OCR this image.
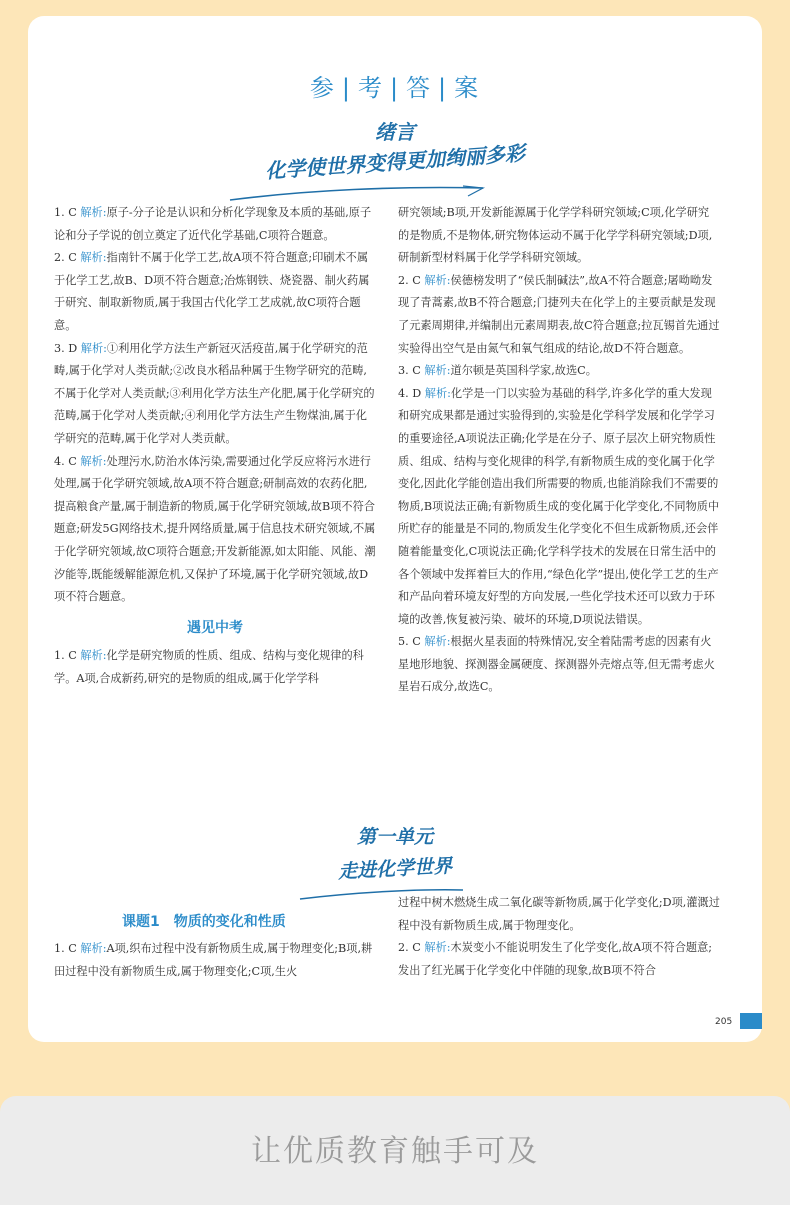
参 | 考 | 答 | 案
绪言
化学使世界变得更加绚丽多彩

1. C 解析:原子-分子论是认识和分析化学现象及本质的基础,原子论和分子学说的创立奠定了近代化学基础,C项符合题意。

2. C 解析:指南针不属于化学工艺,故A项不符合题意;印刷术不属于化学工艺,故B、D项不符合题意;冶炼钢铁、烧瓷器、制火药属于研究、制取新物质,属于我国古代化学工艺成就,故C项符合题意。

3. D 解析:①利用化学方法生产新冠灭活疫苗,属于化学研究的范畴,属于化学对人类贡献;②改良水稻品种属于生物学研究的范畴,不属于化学对人类贡献;③利用化学方法生产化肥,属于化学研究的范畴,属于化学对人类贡献;④利用化学方法生产生物煤油,属于化学研究的范畴,属于化学对人类贡献。

4. C 解析:处理污水,防治水体污染,需要通过化学反应将污水进行处理,属于化学研究领域,故A项不符合题意;研制高效的农药化肥,提高粮食产量,属于制造新的物质,属于化学研究领域,故B项不符合题意;研发5G网络技术,提升网络质量,属于信息技术研究领域,不属于化学研究领域,故C项符合题意;开发新能源,如太阳能、风能、潮汐能等,既能缓解能源危机,又保护了环境,属于化学研究领域,故D项不符合题意。

遇见中考

1. C 解析:化学是研究物质的性质、组成、结构与变化规律的科学。A项,合成新药,研究的是物质的组成,属于化学学科

研究领域;B项,开发新能源属于化学学科研究领域;C项,化学研究的是物质,不是物体,研究物体运动不属于化学学科研究领域;D项,研制新型材料属于化学学科研究领域。

2. C 解析:侯德榜发明了“侯氏制碱法”,故A不符合题意;屠呦呦发现了青蒿素,故B不符合题意;门捷列夫在化学上的主要贡献是发现了元素周期律,并编制出元素周期表,故C符合题意;拉瓦锡首先通过实验得出空气是由氮气和氧气组成的结论,故D不符合题意。

3. C 解析:道尔顿是英国科学家,故选C。

4. D 解析:化学是一门以实验为基础的科学,许多化学的重大发现和研究成果都是通过实验得到的,实验是化学科学发展和化学学习的重要途径,A项说法正确;化学是在分子、原子层次上研究物质性质、组成、结构与变化规律的科学,有新物质生成的变化属于化学变化,因此化学能创造出我们所需要的物质,也能消除我们不需要的物质,B项说法正确;有新物质生成的变化属于化学变化,不同物质中所贮存的能量是不同的,物质发生化学变化不但生成新物质,还会伴随着能量变化,C项说法正确;化学科学技术的发展在日常生活中的各个领域中发挥着巨大的作用,“绿色化学”提出,使化学工艺的生产和产品向着环境友好型的方向发展,一些化学技术还可以致力于环境的改善,恢复被污染、破坏的环境,D项说法错误。

5. C 解析:根据火星表面的特殊情况,安全着陆需考虑的因素有火星地形地貌、探测器金属硬度、探测器外壳熔点等,但无需考虑火星岩石成分,故选C。

第一单元
走进化学世界
课题1　物质的变化和性质

1. C 解析:A项,织布过程中没有新物质生成,属于物理变化;B项,耕田过程中没有新物质生成,属于物理变化;C项,生火

过程中树木燃烧生成二氧化碳等新物质,属于化学变化;D项,灌溉过程中没有新物质生成,属于物理变化。

2. C 解析:木炭变小不能说明发生了化学变化,故A项不符合题意;发出了红光属于化学变化中伴随的现象,故B项不符合

205
让优质教育触手可及
